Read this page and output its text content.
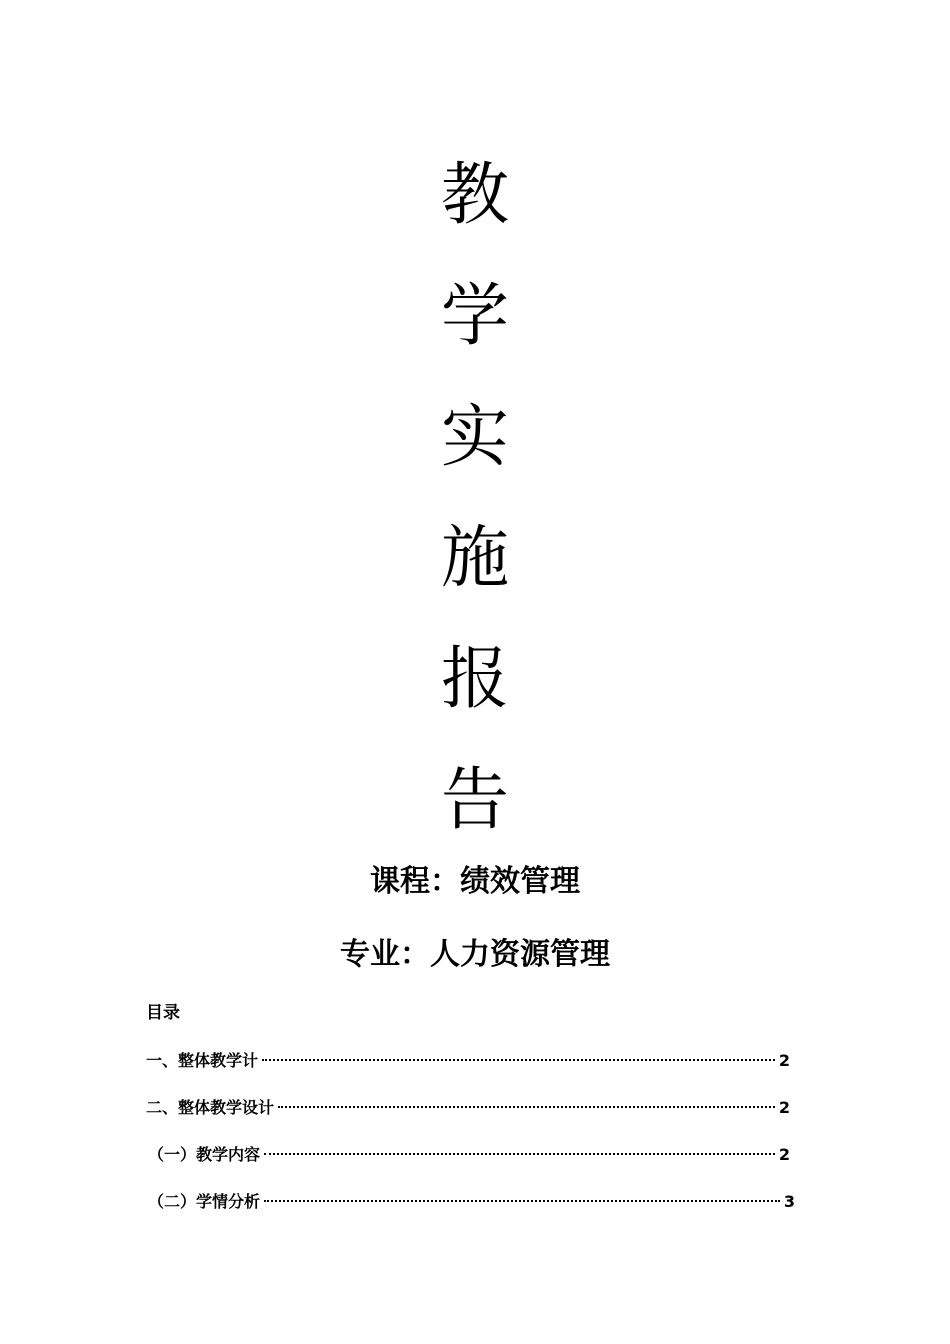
教
学
实
施
报
告
课程：绩效管理
专业：人力资源管理
目录
一、整体教学计	2
二、整体教学设计	2
（一）教学内容	2
（二）学情分析	3
